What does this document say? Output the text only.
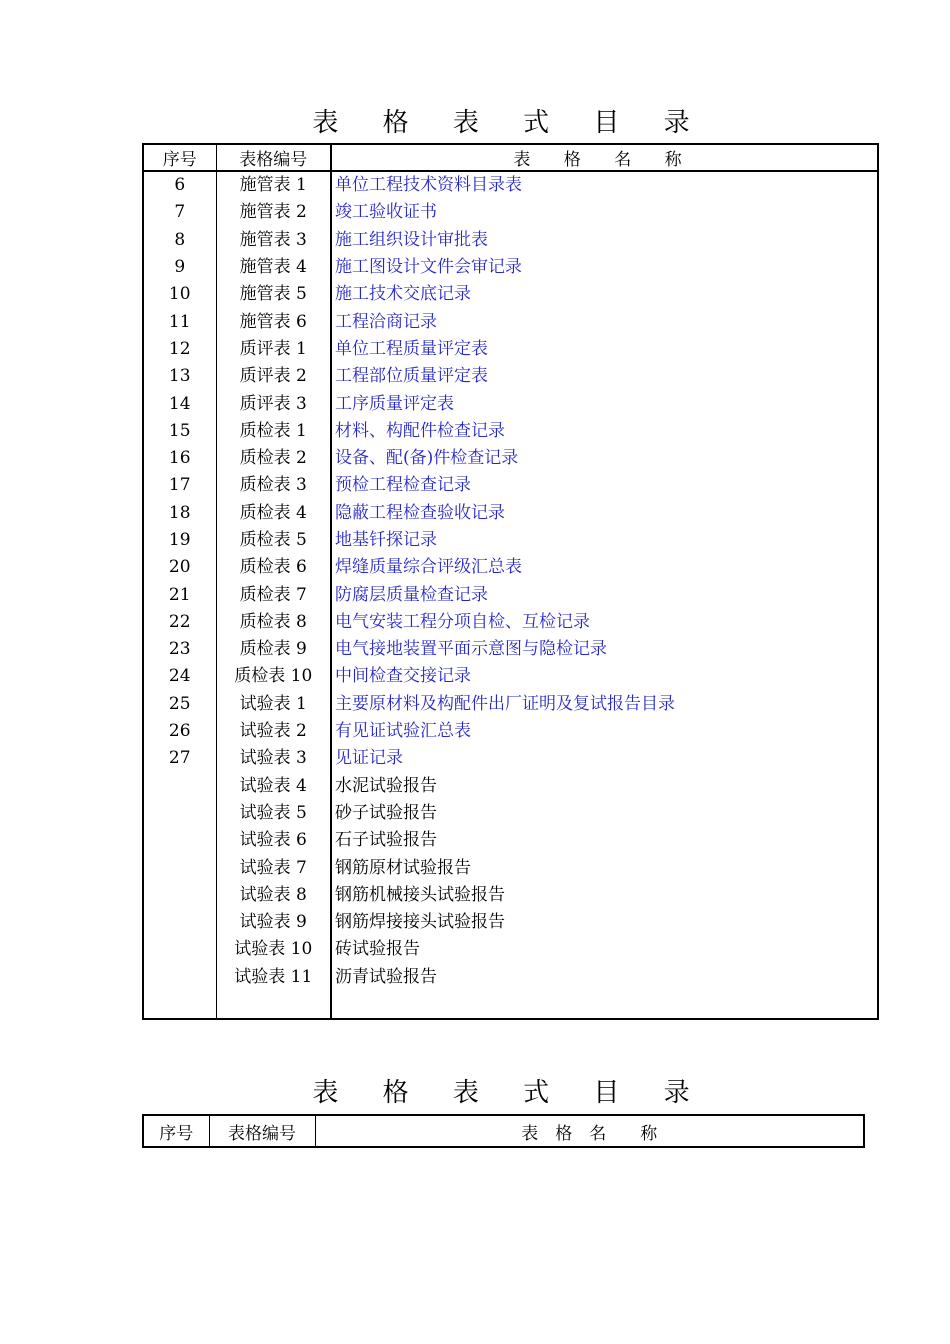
表 格 表 式 目 录
序号	表格编号	表 格 名 称
6	施管表 1	单位工程技术资料目录表
7	施管表 2	竣工验收证书
8	施管表 3	施工组织设计审批表
9	施管表 4	施工图设计文件会审记录
10	施管表 5	施工技术交底记录
11	施管表 6	工程洽商记录
12	质评表 1	单位工程质量评定表
13	质评表 2	工程部位质量评定表
14	质评表 3	工序质量评定表
15	质检表 1	材料、构配件检查记录
16	质检表 2	设备、配(备)件检查记录
17	质检表 3	预检工程检查记录
18	质检表 4	隐蔽工程检查验收记录
19	质检表 5	地基钎探记录
20	质检表 6	焊缝质量综合评级汇总表
21	质检表 7	防腐层质量检查记录
22	质检表 8	电气安装工程分项自检、互检记录
23	质检表 9	电气接地装置平面示意图与隐检记录
24	质检表 10	中间检查交接记录
25	试验表 1	主要原材料及构配件出厂证明及复试报告目录
26	试验表 2	有见证试验汇总表
27	试验表 3	见证记录
	试验表 4	水泥试验报告
	试验表 5	砂子试验报告
	试验表 6	石子试验报告
	试验表 7	钢筋原材试验报告
	试验表 8	钢筋机械接头试验报告
	试验表 9	钢筋焊接接头试验报告
	试验表 10	砖试验报告
	试验表 11	沥青试验报告

表 格 表 式 目 录
序号	表格编号	表　格　名　　称
